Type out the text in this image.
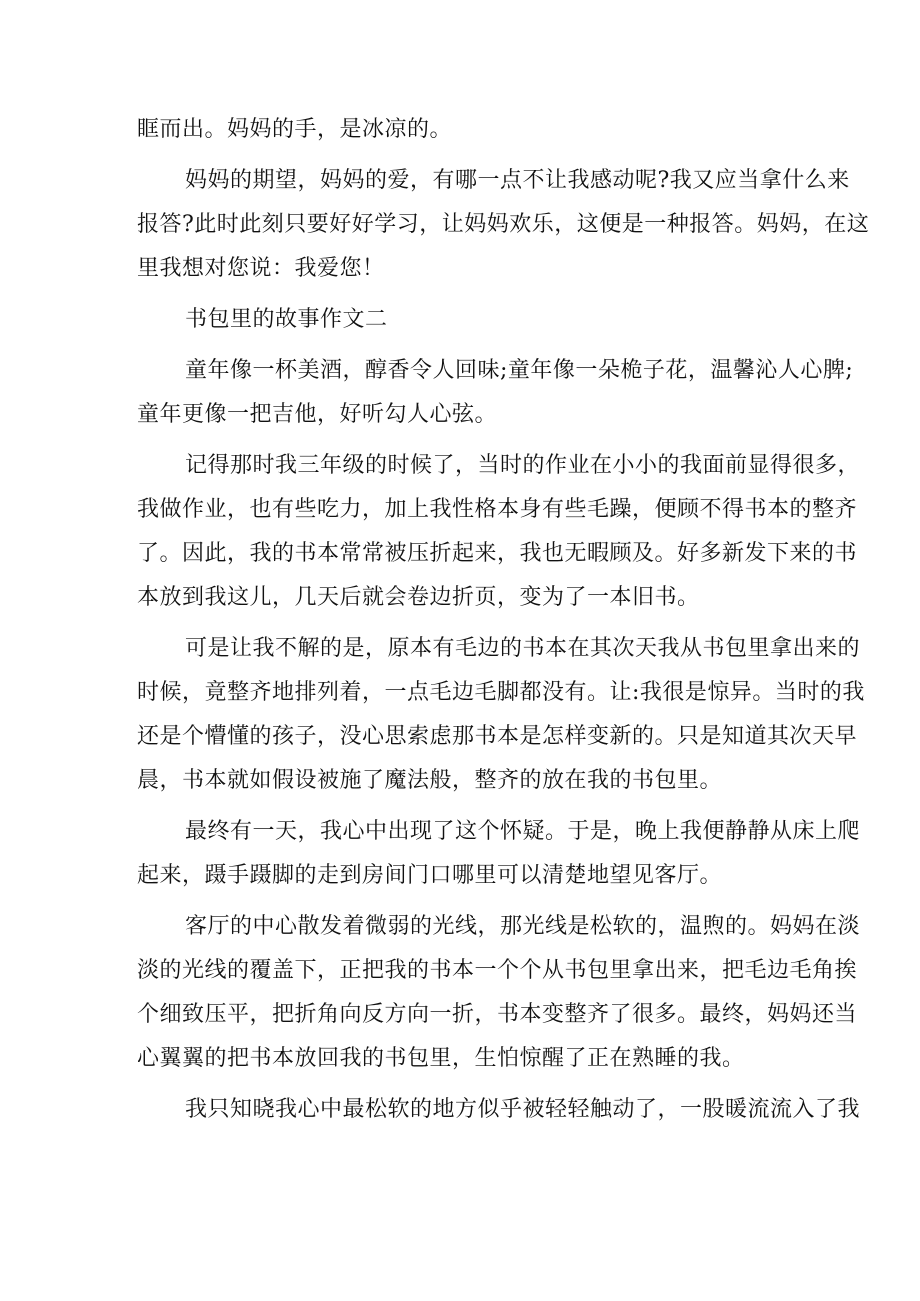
眶而出。妈妈的手，是冰凉的。
妈妈的期望，妈妈的爱，有哪一点不让我感动呢?我又应当拿什么来
报答?此时此刻只要好好学习，让妈妈欢乐，这便是一种报答。妈妈，在这
里我想对您说：我爱您！
书包里的故事作文二
童年像一杯美酒，醇香令人回味;童年像一朵桅子花，温馨沁人心脾;
童年更像一把吉他，好听勾人心弦。
记得那时我三年级的时候了，当时的作业在小小的我面前显得很多，
我做作业，也有些吃力，加上我性格本身有些毛躁，便顾不得书本的整齐
了。因此，我的书本常常被压折起来，我也无暇顾及。好多新发下来的书
本放到我这儿，几天后就会卷边折页，变为了一本旧书。
可是让我不解的是，原本有毛边的书本在其次天我从书包里拿出来的
时候，竟整齐地排列着，一点毛边毛脚都没有。让:我很是惊异。当时的我
还是个懵懂的孩子，没心思索虑那书本是怎样变新的。只是知道其次天早
晨，书本就如假设被施了魔法般，整齐的放在我的书包里。
最终有一天，我心中出现了这个怀疑。于是，晚上我便静静从床上爬
起来，蹑手蹑脚的走到房间门口哪里可以清楚地望见客厅。
客厅的中心散发着微弱的光线，那光线是松软的，温煦的。妈妈在淡
淡的光线的覆盖下，正把我的书本一个个从书包里拿出来，把毛边毛角挨
个细致压平，把折角向反方向一折，书本变整齐了很多。最终，妈妈还当
心翼翼的把书本放回我的书包里，生怕惊醒了正在熟睡的我。
我只知晓我心中最松软的地方似乎被轻轻触动了，一股暖流流入了我
